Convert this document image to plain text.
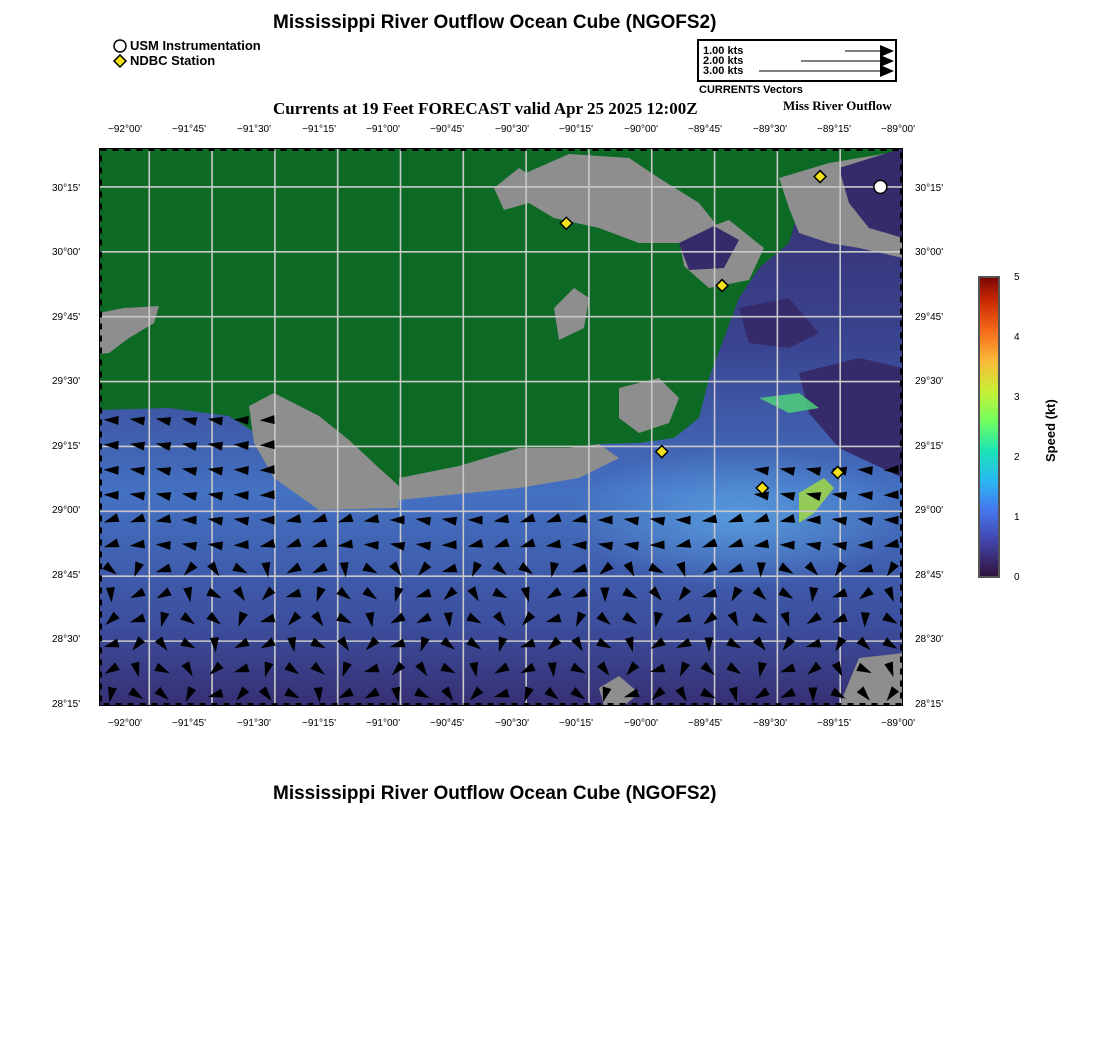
Mississippi River Outflow Ocean Cube (NGOFS2)
USM Instrumentation
NDBC Station
1.00 kts
2.00 kts
3.00 kts
CURRENTS Vectors
Currents at 19 Feet FORECAST valid Apr 25 2025 12:00Z	Miss River Outflow
−92°00'	−91°45'	−91°30'	−91°15'	−91°00'	−90°45'	−90°30'	−90°15'	−90°00'	−89°45'	−89°30'	−89°15'	−89°00'
−92°00'	−91°45'	−91°30'	−91°15'	−91°00'	−90°45'	−90°30'	−90°15'	−90°00'	−89°45'	−89°30'	−89°15'	−89°00'
30°15'
30°00'
29°45'
29°30'
29°15'
29°00'
28°45'
28°30'
28°15'
30°15'
30°00'
29°45'
29°30'
29°15'
29°00'
28°45'
28°30'
28°15'
5
4
3
2
1
0
Speed (kt)
Mississippi River Outflow Ocean Cube (NGOFS2)
